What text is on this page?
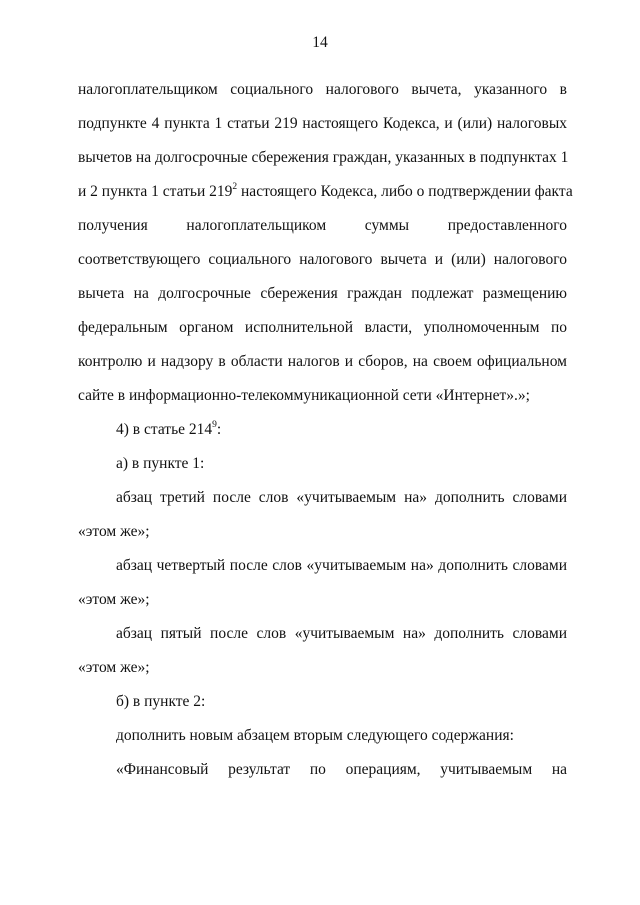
14
налогоплательщиком социального налогового вычета, указанного в
подпункте 4 пункта 1 статьи 219 настоящего Кодекса, и (или) налоговых
вычетов на долгосрочные сбережения граждан, указанных в подпунктах 1
и 2 пункта 1 статьи $219^2$ настоящего Кодекса, либо о подтверждении факта
получения налогоплательщиком суммы предоставленного
соответствующего социального налогового вычета и (или) налогового
вычета на долгосрочные сбережения граждан подлежат размещению
федеральным органом исполнительной власти, уполномоченным по
контролю и надзору в области налогов и сборов, на своем официальном
сайте в информационно-телекоммуникационной сети «Интернет».»;
4) в статье $214^9$:
а) в пункте 1:
абзац третий после слов «учитываемым на» дополнить словами
«этом же»;
абзац четвертый после слов «учитываемым на» дополнить словами
«этом же»;
абзац пятый после слов «учитываемым на» дополнить словами
«этом же»;
б) в пункте 2:
дополнить новым абзацем вторым следующего содержания:
«Финансовый результат по операциям, учитываемым на
